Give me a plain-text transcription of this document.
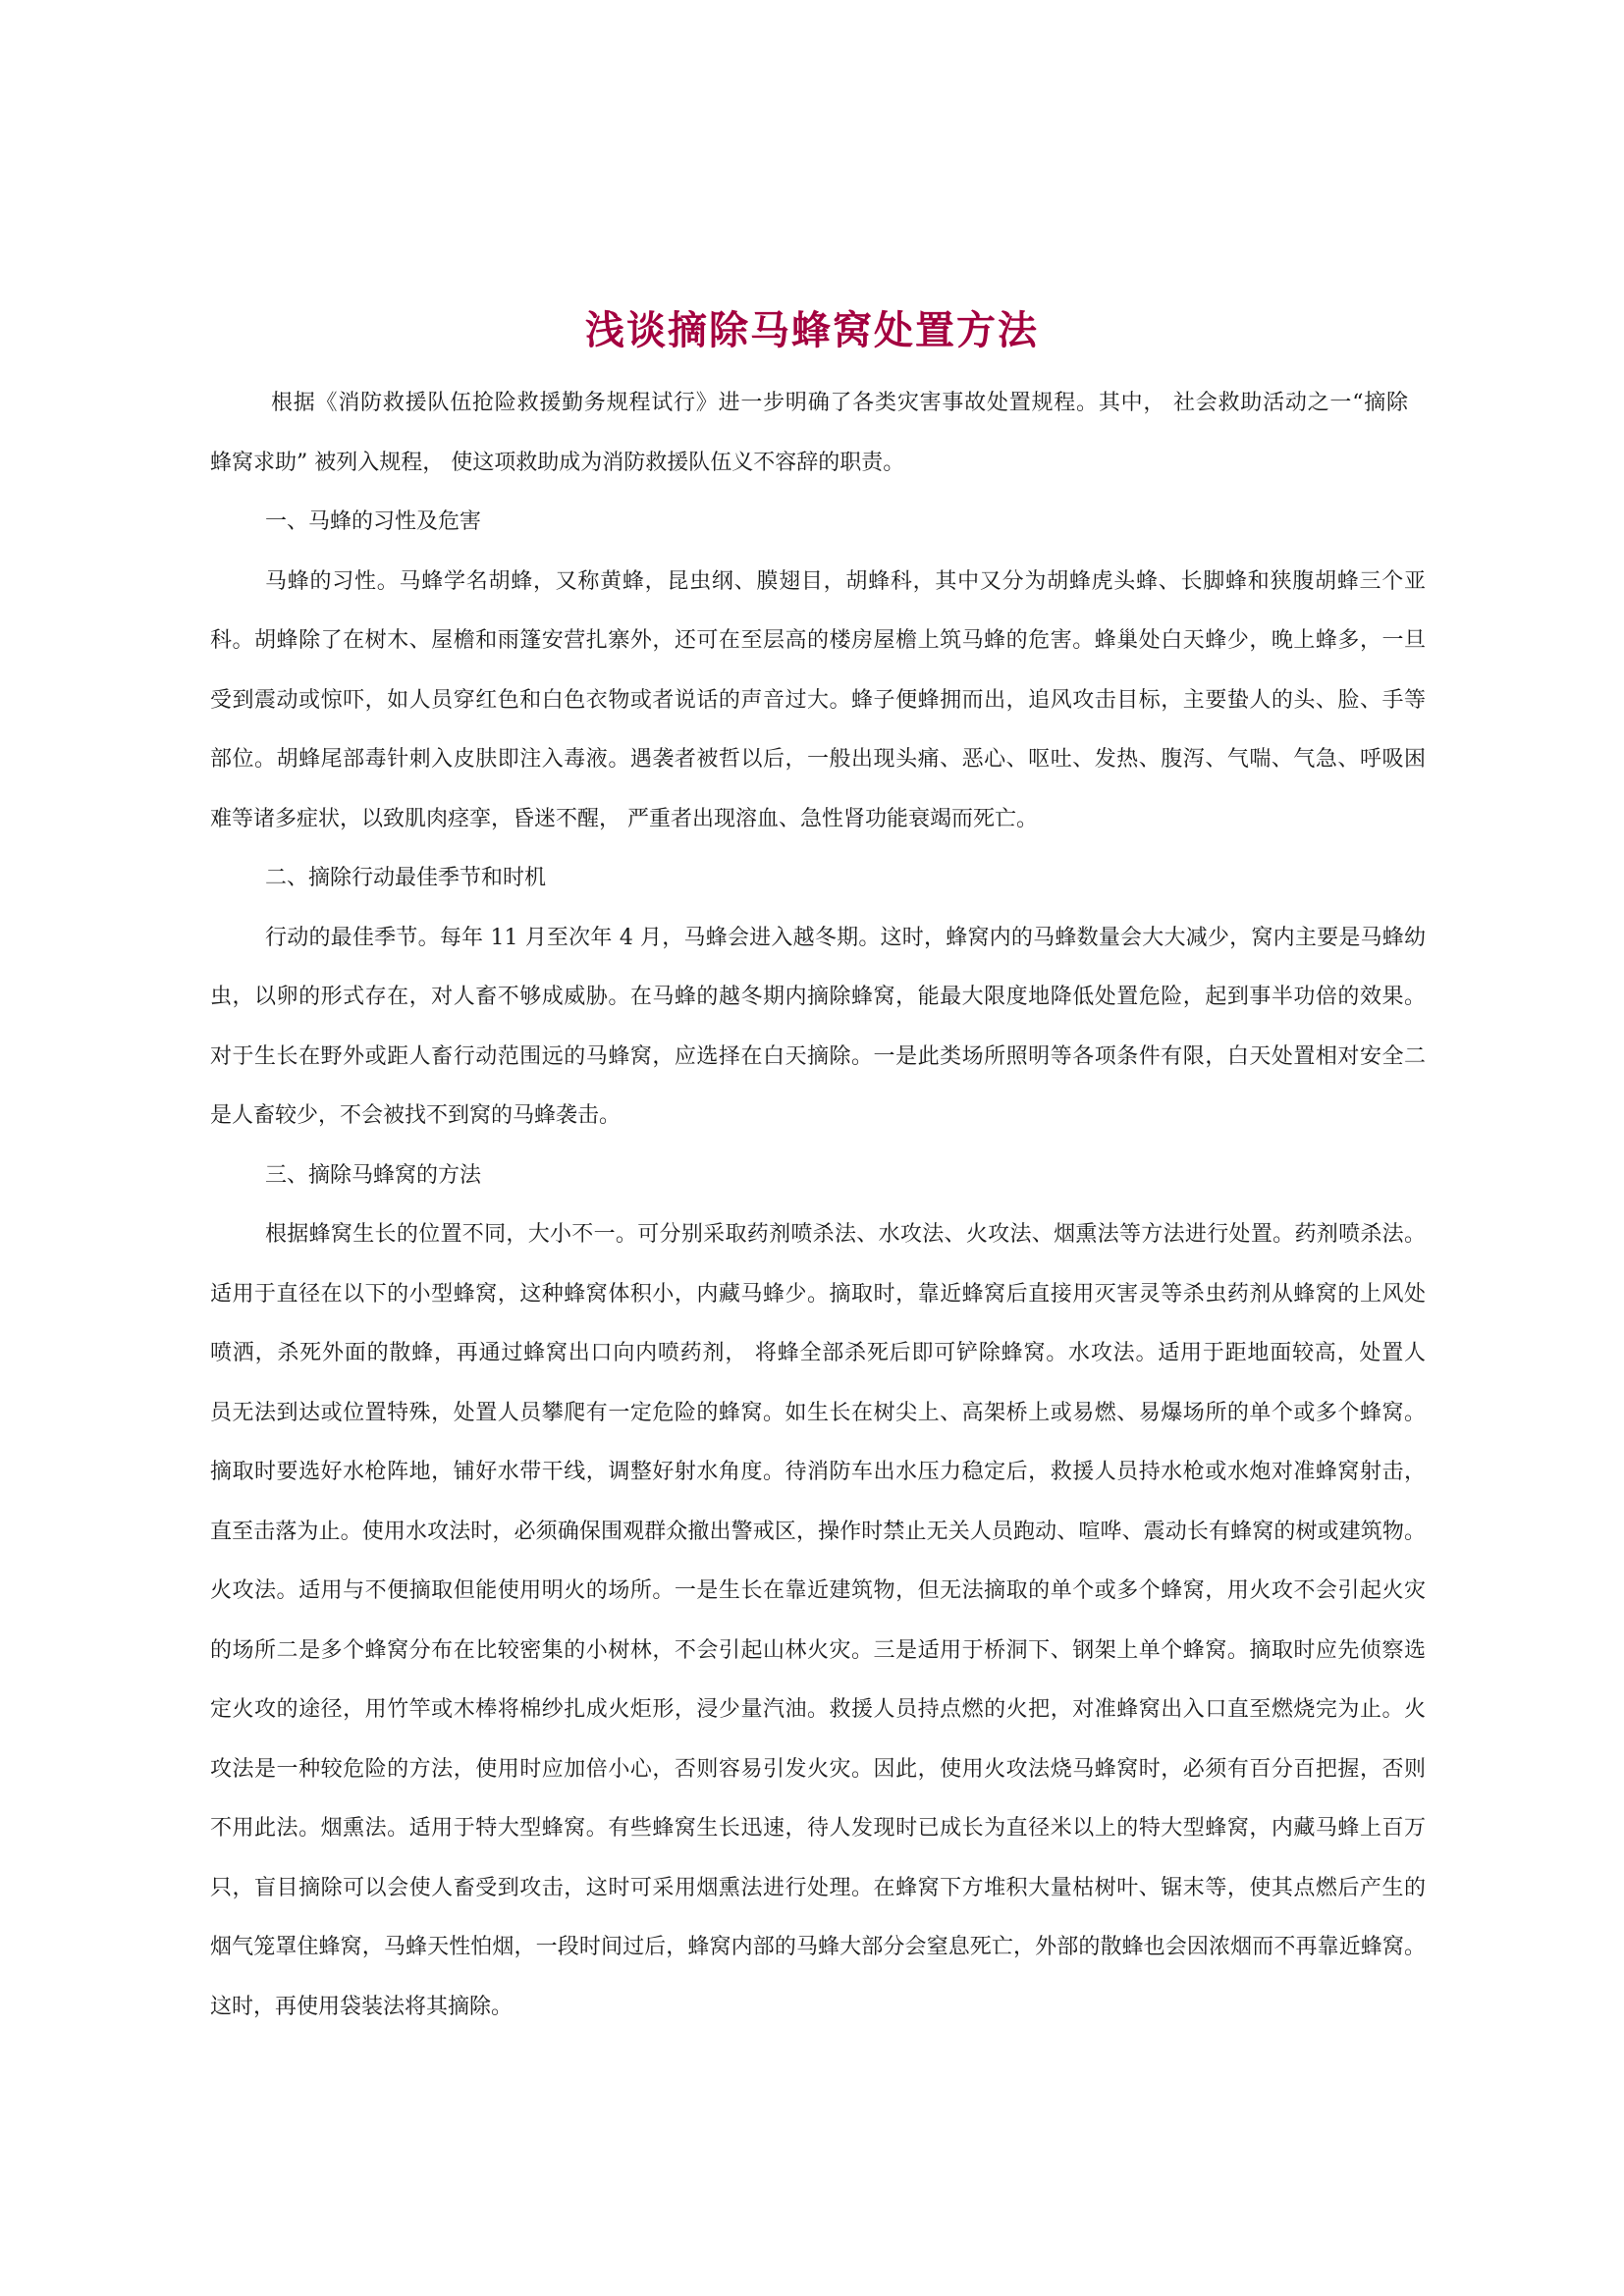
浅谈摘除马蜂窝处置方法
根据《消防救援队伍抢险救援勤务规程试行》进一步明确了各类灾害事故处置规程。其中， 社会救助活动之一“摘除
蜂窝求助” 被列入规程， 使这项救助成为消防救援队伍义不容辞的职责。
一、马蜂的习性及危害
马蜂的习性。马蜂学名胡蜂，又称黄蜂，昆虫纲、膜翅目，胡蜂科，其中又分为胡蜂虎头蜂、长脚蜂和狭腹胡蜂三个亚
科。胡蜂除了在树木、屋檐和雨篷安营扎寨外，还可在至层高的楼房屋檐上筑马蜂的危害。蜂巢处白天蜂少，晚上蜂多，一旦
受到震动或惊吓，如人员穿红色和白色衣物或者说话的声音过大。蜂子便蜂拥而出，追风攻击目标，主要蛰人的头、脸、手等
部位。胡蜂尾部毒针刺入皮肤即注入毒液。遇袭者被哲以后，一般出现头痛、恶心、呕吐、发热、腹泻、气喘、气急、呼吸困
难等诸多症状，以致肌肉痉挛，昏迷不醒， 严重者出现溶血、急性肾功能衰竭而死亡。
二、摘除行动最佳季节和时机
行动的最佳季节。每年 11 月至次年 4 月，马蜂会进入越冬期。这时，蜂窝内的马蜂数量会大大减少，窝内主要是马蜂幼
虫，以卵的形式存在，对人畜不够成威胁。在马蜂的越冬期内摘除蜂窝，能最大限度地降低处置危险，起到事半功倍的效果。
对于生长在野外或距人畜行动范围远的马蜂窝，应选择在白天摘除。一是此类场所照明等各项条件有限，白天处置相对安全二
是人畜较少，不会被找不到窝的马蜂袭击。
三、摘除马蜂窝的方法
根据蜂窝生长的位置不同，大小不一。可分别采取药剂喷杀法、水攻法、火攻法、烟熏法等方法进行处置。药剂喷杀法。
适用于直径在以下的小型蜂窝，这种蜂窝体积小，内藏马蜂少。摘取时，靠近蜂窝后直接用灭害灵等杀虫药剂从蜂窝的上风处
喷洒，杀死外面的散蜂，再通过蜂窝出口向内喷药剂， 将蜂全部杀死后即可铲除蜂窝。水攻法。适用于距地面较高，处置人
员无法到达或位置特殊，处置人员攀爬有一定危险的蜂窝。如生长在树尖上、高架桥上或易燃、易爆场所的单个或多个蜂窝。
摘取时要选好水枪阵地，铺好水带干线，调整好射水角度。待消防车出水压力稳定后，救援人员持水枪或水炮对准蜂窝射击，
直至击落为止。使用水攻法时，必须确保围观群众撤出警戒区，操作时禁止无关人员跑动、喧哗、震动长有蜂窝的树或建筑物。
火攻法。适用与不便摘取但能使用明火的场所。一是生长在靠近建筑物，但无法摘取的单个或多个蜂窝，用火攻不会引起火灾
的场所二是多个蜂窝分布在比较密集的小树林，不会引起山林火灾。三是适用于桥洞下、钢架上单个蜂窝。摘取时应先侦察选
定火攻的途径，用竹竿或木棒将棉纱扎成火炬形，浸少量汽油。救援人员持点燃的火把，对准蜂窝出入口直至燃烧完为止。火
攻法是一种较危险的方法，使用时应加倍小心，否则容易引发火灾。因此，使用火攻法烧马蜂窝时，必须有百分百把握，否则
不用此法。烟熏法。适用于特大型蜂窝。有些蜂窝生长迅速，待人发现时已成长为直径米以上的特大型蜂窝，内藏马蜂上百万
只，盲目摘除可以会使人畜受到攻击，这时可采用烟熏法进行处理。在蜂窝下方堆积大量枯树叶、锯末等，使其点燃后产生的
烟气笼罩住蜂窝，马蜂天性怕烟，一段时间过后，蜂窝内部的马蜂大部分会窒息死亡，外部的散蜂也会因浓烟而不再靠近蜂窝。
这时，再使用袋装法将其摘除。
